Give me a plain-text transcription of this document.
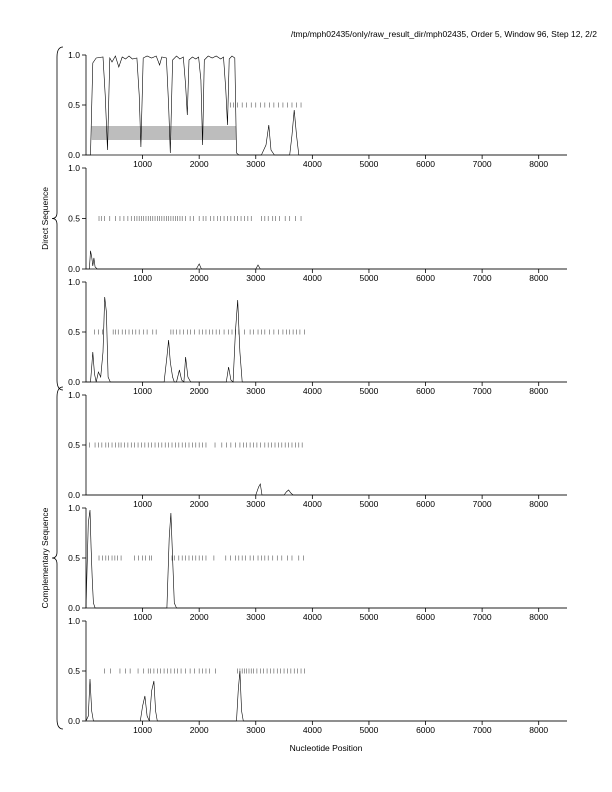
/tmp/mph02435/only/raw_result_dir/mph02435, Order 5, Window 96, Step 12, 2/2
1000	2000	3000	4000	5000	6000	7000	8000
0.0
0.5
1.0
1000	2000	3000	4000	5000	6000	7000	8000
0.0
0.5
1.0
1000	2000	3000	4000	5000	6000	7000	8000
0.0
0.5
1.0
1000	2000	3000	4000	5000	6000	7000	8000
0.0
0.5
1.0
1000	2000	3000	4000	5000	6000	7000	8000
0.0
0.5
1.0
1000	2000	3000	4000	5000	6000	7000	8000
0.0
0.5
1.0
Direct Sequence
Complementary Sequence
Nucleotide Position
